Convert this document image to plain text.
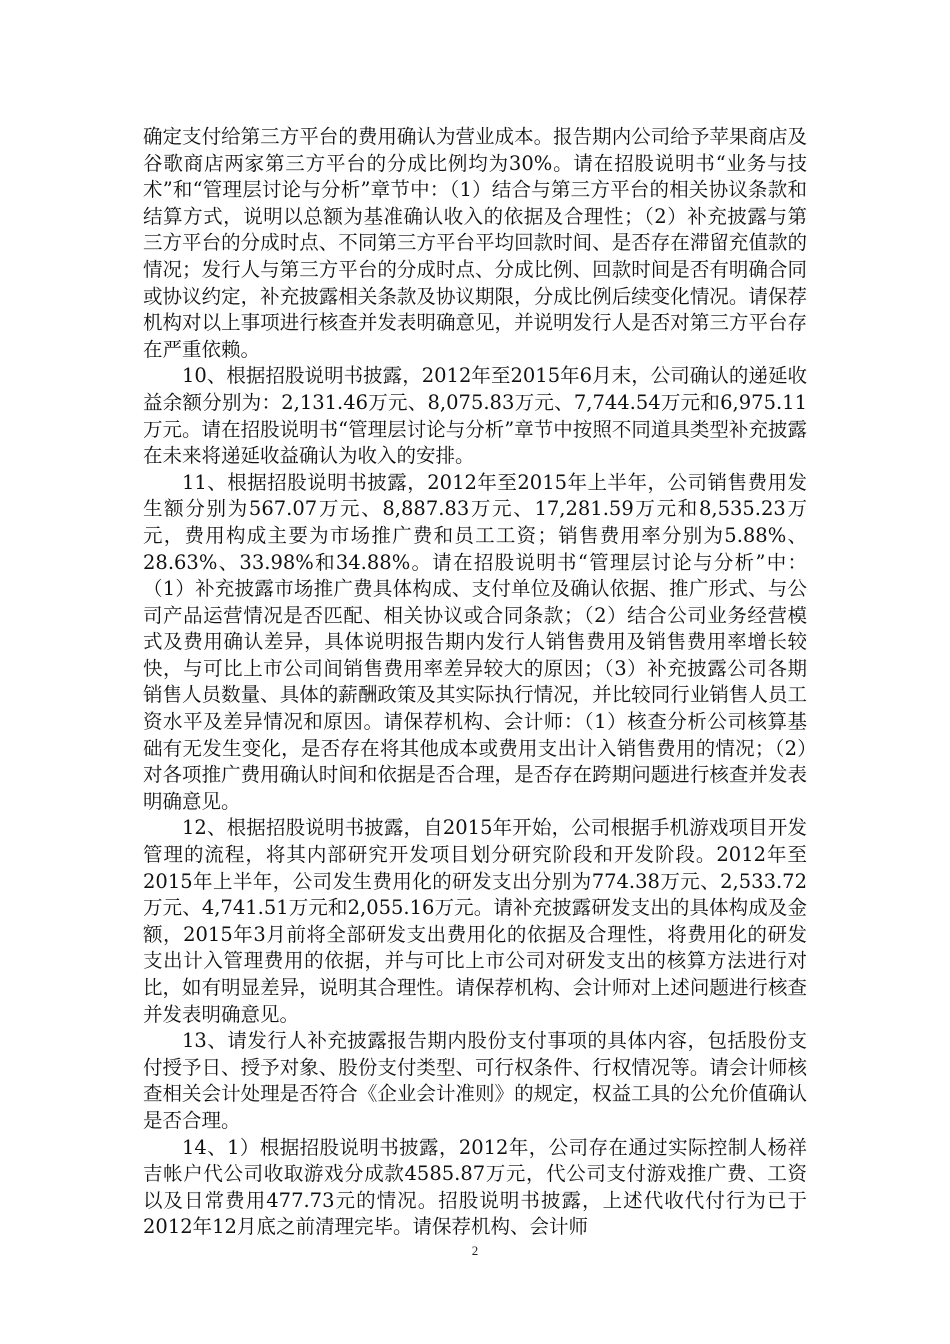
确定支付给第三方平台的费用确认为营业成本。报告期内公司给予苹果商店及谷歌商店两家第三方平台的分成比例均为30%。请在招股说明书“业务与技术”和“管理层讨论与分析”章节中：（1）结合与第三方平台的相关协议条款和结算方式，说明以总额为基准确认收入的依据及合理性；（2）补充披露与第三方平台的分成时点、不同第三方平台平均回款时间、是否存在滞留充值款的情况；发行人与第三方平台的分成时点、分成比例、回款时间是否有明确合同或协议约定，补充披露相关条款及协议期限，分成比例后续变化情况。请保荐机构对以上事项进行核查并发表明确意见，并说明发行人是否对第三方平台存在严重依赖。

10、根据招股说明书披露，2012年至2015年6月末，公司确认的递延收益余额分别为：2,131.46万元、8,075.83万元、7,744.54万元和6,975.11万元。请在招股说明书“管理层讨论与分析”章节中按照不同道具类型补充披露在未来将递延收益确认为收入的安排。

11、根据招股说明书披露，2012年至2015年上半年，公司销售费用发生额分别为567.07万元、8,887.83万元、17,281.59万元和8,535.23万元，费用构成主要为市场推广费和员工工资；销售费用率分别为5.88%、28.63%、33.98%和34.88%。请在招股说明书“管理层讨论与分析”中：（1）补充披露市场推广费具体构成、支付单位及确认依据、推广形式、与公司产品运营情况是否匹配、相关协议或合同条款；（2）结合公司业务经营模式及费用确认差异，具体说明报告期内发行人销售费用及销售费用率增长较快，与可比上市公司间销售费用率差异较大的原因；（3）补充披露公司各期销售人员数量、具体的薪酬政策及其实际执行情况，并比较同行业销售人员工资水平及差异情况和原因。请保荐机构、会计师：（1）核查分析公司核算基础有无发生变化，是否存在将其他成本或费用支出计入销售费用的情况；（2）对各项推广费用确认时间和依据是否合理，是否存在跨期问题进行核查并发表明确意见。

12、根据招股说明书披露，自2015年开始，公司根据手机游戏项目开发管理的流程，将其内部研究开发项目划分研究阶段和开发阶段。2012年至2015年上半年，公司发生费用化的研发支出分别为774.38万元、2,533.72万元、4,741.51万元和2,055.16万元。请补充披露研发支出的具体构成及金额，2015年3月前将全部研发支出费用化的依据及合理性，将费用化的研发支出计入管理费用的依据，并与可比上市公司对研发支出的核算方法进行对比，如有明显差异，说明其合理性。请保荐机构、会计师对上述问题进行核查并发表明确意见。

13、请发行人补充披露报告期内股份支付事项的具体内容，包括股份支付授予日、授予对象、股份支付类型、可行权条件、行权情况等。请会计师核查相关会计处理是否符合《企业会计准则》的规定，权益工具的公允价值确认是否合理。

14、1）根据招股说明书披露，2012年，公司存在通过实际控制人杨祥吉帐户代公司收取游戏分成款4585.87万元，代公司支付游戏推广费、工资以及日常费用477.73元的情况。招股说明书披露，上述代收代付行为已于2012年12月底之前清理完毕。请保荐机构、会计师

2
